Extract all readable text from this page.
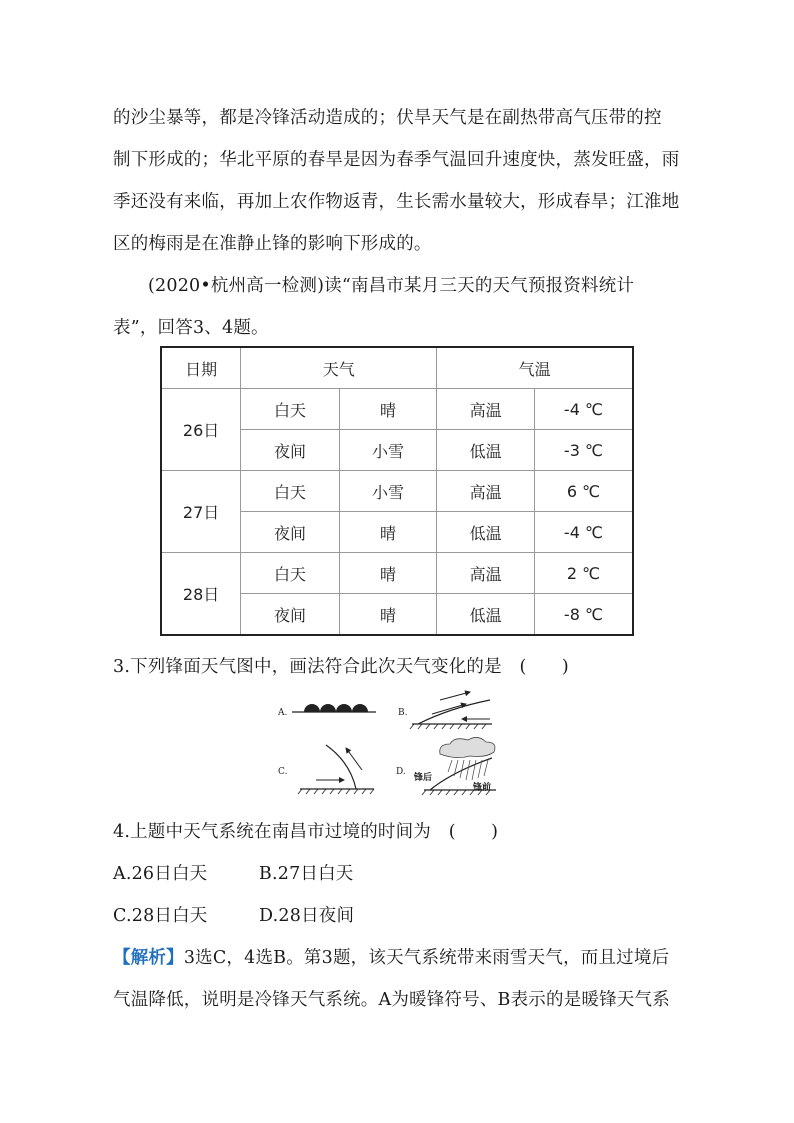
的沙尘暴等，都是冷锋活动造成的；伏旱天气是在副热带高气压带的控
制下形成的；华北平原的春旱是因为春季气温回升速度快，蒸发旺盛，雨
季还没有来临，再加上农作物返青，生长需水量较大，形成春旱；江淮地
区的梅雨是在准静止锋的影响下形成的。
(2020•杭州高一检测)读“南昌市某月三天的天气预报资料统计
表”，回答3、4题。
日期	天气		气温	
26日	白天	晴	高温	-4 ℃
	夜间	小雪	低温	-3 ℃
27日	白天	小雪	高温	6 ℃
	夜间	晴	低温	-4 ℃
28日	白天	晴	高温	2 ℃
	夜间	晴	低温	-8 ℃
3.下列锋面天气图中，画法符合此次天气变化的是　(　　)
A.	B.
C.	D.
锋后
锋前
4.上题中天气系统在南昌市过境的时间为　(　　)
A.26日白天	B.27日白天
C.28日白天	D.28日夜间
【解析】3选C，4选B。第3题，该天气系统带来雨雪天气，而且过境后
气温降低，说明是冷锋天气系统。A为暖锋符号、B表示的是暖锋天气系
